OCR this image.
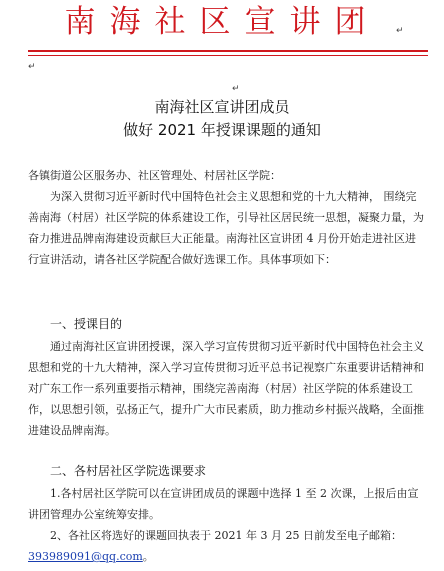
南海社区宣讲团	↵
↵
↵
南海社区宣讲团成员
做好 2021 年授课课题的通知
各镇街道公区服务办、社区管理处、村居社区学院：
为深入贯彻习近平新时代中国特色社会主义思想和党的十九大精神， 围绕完善南海（村居）社区学院的体系建设工作，引导社区居民统一思想，凝聚力量，为奋力推进品牌南海建设贡献巨大正能量。南海社区宣讲团 4 月份开始走进社区进行宣讲活动，请各社区学院配合做好选课工作。具体事项如下：
一、授课目的
通过南海社区宣讲团授课，深入学习宣传贯彻习近平新时代中国特色社会主义思想和党的十九大精神，深入学习宣传贯彻习近平总书记视察广东重要讲话精神和对广东工作一系列重要指示精神，围绕完善南海（村居）社区学院的体系建设工作，以思想引领，弘扬正气，提升广大市民素质，助力推动乡村振兴战略，全面推进建设品牌南海。
二、各村居社区学院选课要求
1.各村居社区学院可以在宣讲团成员的课题中选择 1 至 2 次课，上报后由宣讲团管理办公室统筹安排。
2、各社区将选好的课题回执表于 2021 年 3 月 25 日前发至电子邮箱：393989091@qq.com。
